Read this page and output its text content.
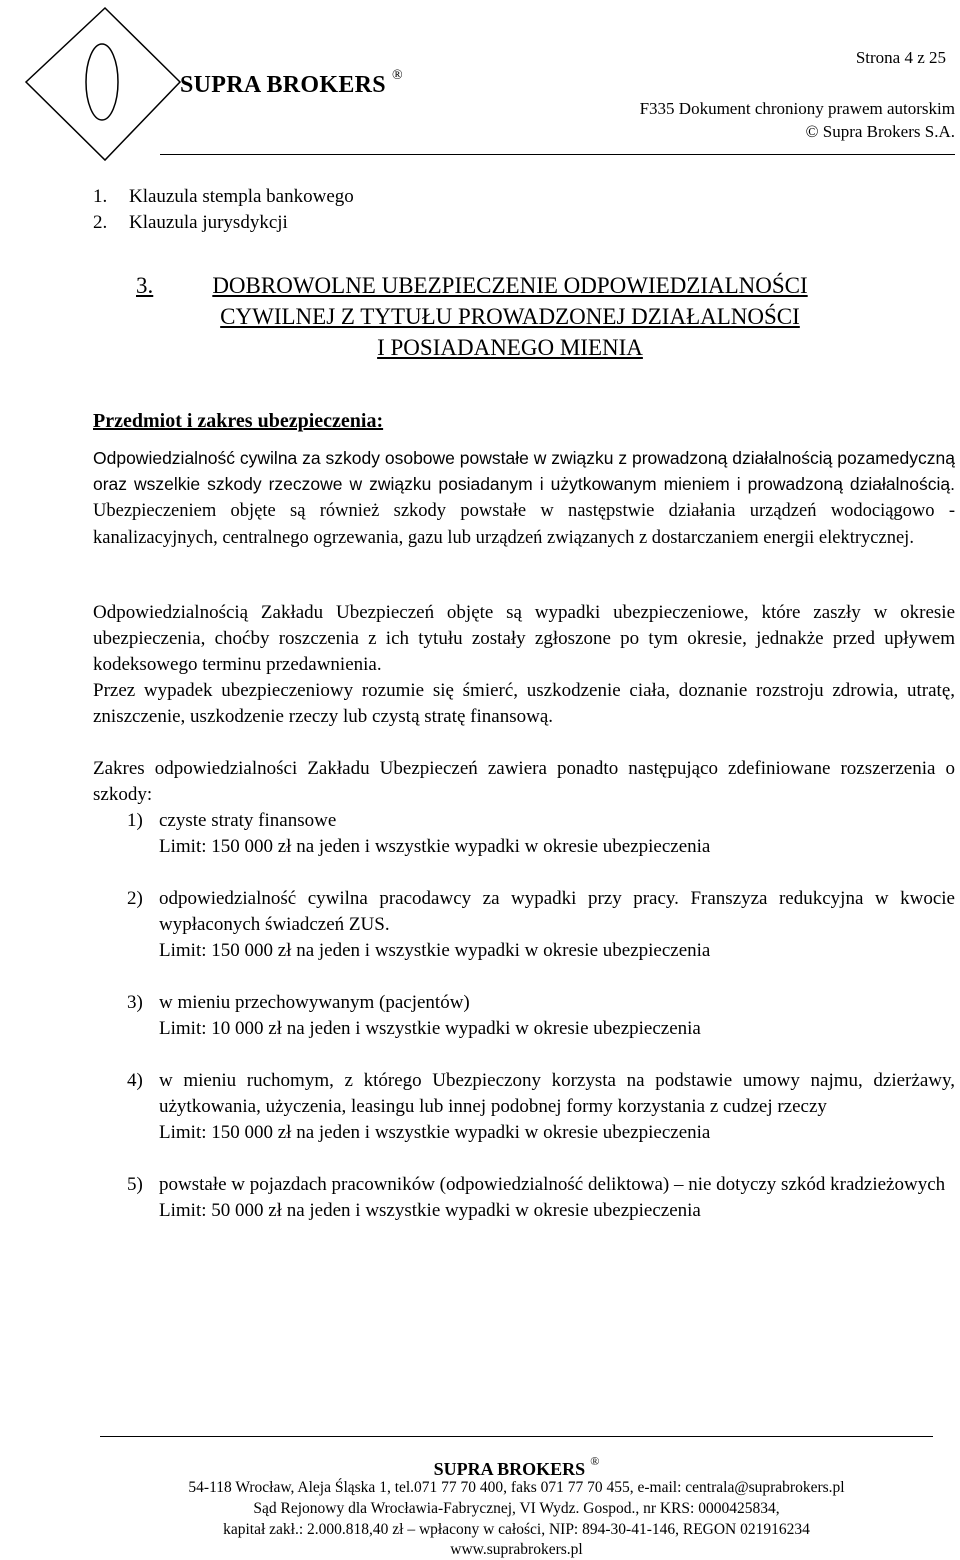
Strona 4 z 25
SUPRA BROKERS ®
F335 Dokument chroniony prawem autorskim
© Supra Brokers S.A.
1. Klauzula stempla bankowego
2. Klauzula jurysdykcji
3.	DOBROWOLNE UBEZPIECZENIE ODPOWIEDZIALNOŚCI
CYWILNEJ Z TYTUŁU PROWADZONEJ DZIAŁALNOŚCI
I POSIADANEGO MIENIA
Przedmiot i zakres ubezpieczenia:
Odpowiedzialność cywilna za szkody osobowe powstałe w związku z prowadzoną działalnością pozamedyczną oraz wszelkie szkody rzeczowe w związku posiadanym i użytkowanym mieniem i prowadzoną działalnością. Ubezpieczeniem objęte są również szkody powstałe w następstwie działania urządzeń wodociągowo - kanalizacyjnych, centralnego ogrzewania, gazu lub urządzeń związanych z dostarczaniem energii elektrycznej.
Odpowiedzialnością Zakładu Ubezpieczeń objęte są wypadki ubezpieczeniowe, które zaszły w okresie ubezpieczenia, choćby roszczenia z ich tytułu zostały zgłoszone po tym okresie, jednakże przed upływem kodeksowego terminu przedawnienia.
Przez wypadek ubezpieczeniowy rozumie się śmierć, uszkodzenie ciała, doznanie rozstroju zdrowia, utratę, zniszczenie, uszkodzenie rzeczy lub czystą stratę finansową.
Zakres odpowiedzialności Zakładu Ubezpieczeń zawiera ponadto następująco zdefiniowane rozszerzenia o szkody:
1) czyste straty finansowe
Limit: 150 000 zł na jeden i wszystkie wypadki w okresie ubezpieczenia
2) odpowiedzialność cywilna pracodawcy za wypadki przy pracy. Franszyza redukcyjna w kwocie wypłaconych świadczeń ZUS.
Limit: 150 000 zł na jeden i wszystkie wypadki w okresie ubezpieczenia
3) w mieniu przechowywanym (pacjentów)
Limit: 10 000 zł na jeden i wszystkie wypadki w okresie ubezpieczenia
4) w mieniu ruchomym, z którego Ubezpieczony korzysta na podstawie umowy najmu, dzierżawy, użytkowania, użyczenia, leasingu lub innej podobnej formy korzystania z cudzej rzeczy
Limit: 150 000 zł na jeden i wszystkie wypadki w okresie ubezpieczenia
5) powstałe w pojazdach pracowników (odpowiedzialność deliktowa) – nie dotyczy szkód kradzieżowych
Limit: 50 000 zł na jeden i wszystkie wypadki w okresie ubezpieczenia
SUPRA BROKERS ®
54-118 Wrocław, Aleja Śląska 1, tel.071 77 70 400, faks 071 77 70 455, e-mail: centrala@suprabrokers.pl
Sąd Rejonowy dla Wrocławia-Fabrycznej, VI Wydz. Gospod., nr KRS: 0000425834,
kapitał zakł.: 2.000.818,40 zł – wpłacony w całości, NIP: 894-30-41-146, REGON 021916234
www.suprabrokers.pl
